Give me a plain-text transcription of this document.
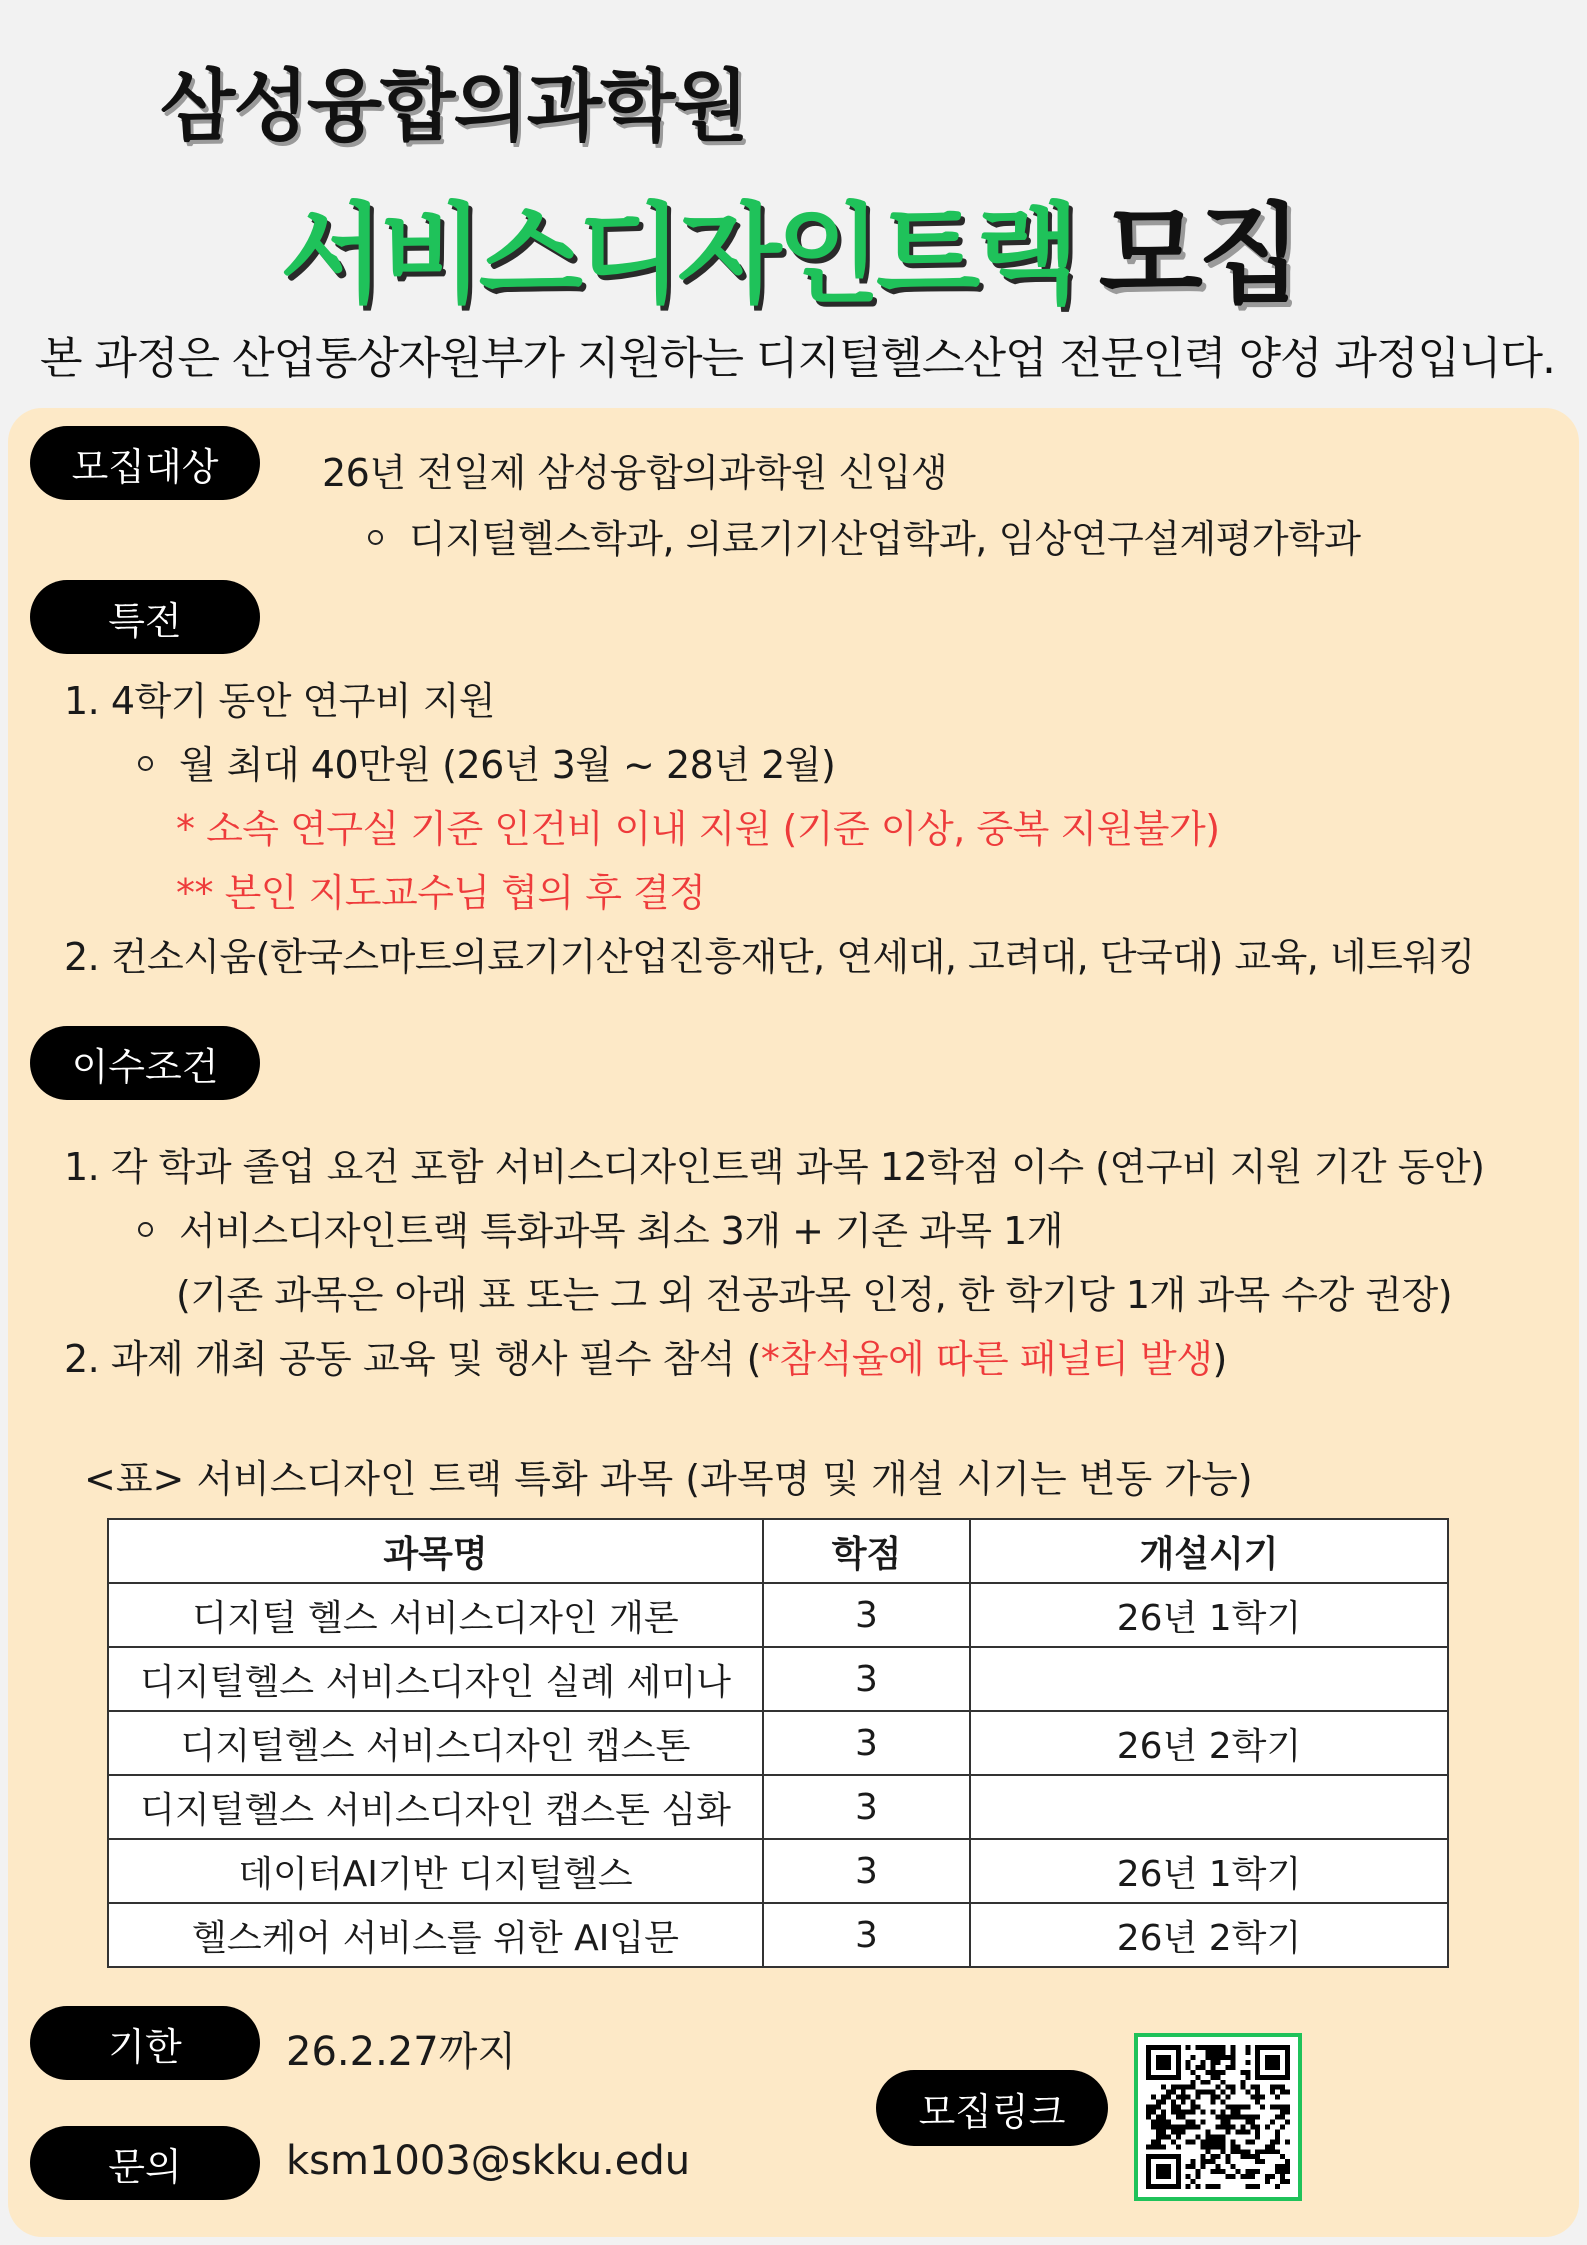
삼성융합의과학원
서비스디자인트랙 모집
본 과정은 산업통상자원부가 지원하는 디지털헬스산업 전문인력 양성 과정입니다.
모집대상	26년 전일제 삼성융합의과학원 신입생
디지털헬스학과, 의료기기산업학과, 임상연구설계평가학과
특전
1. 4학기 동안 연구비 지원
월 최대 40만원 (26년 3월 ~ 28년 2월)
* 소속 연구실 기준 인건비 이내 지원 (기준 이상, 중복 지원불가)
** 본인 지도교수님 협의 후 결정
2. 컨소시움(한국스마트의료기기산업진흥재단, 연세대, 고려대, 단국대) 교육, 네트워킹
이수조건
1. 각 학과 졸업 요건 포함 서비스디자인트랙 과목 12학점 이수 (연구비 지원 기간 동안)
서비스디자인트랙 특화과목 최소 3개 + 기존 과목 1개
(기존 과목은 아래 표 또는 그 외 전공과목 인정, 한 학기당 1개 과목 수강 권장)
2. 과제 개최 공동 교육 및 행사 필수 참석 (*참석율에 따른 패널티 발생)
<표> 서비스디자인 트랙 특화 과목 (과목명 및 개설 시기는 변동 가능)
과목명	학점	개설시기
디지털 헬스 서비스디자인 개론	3	26년 1학기
디지털헬스 서비스디자인 실례 세미나	3	
디지털헬스 서비스디자인 캡스톤	3	26년 2학기
디지털헬스 서비스디자인 캡스톤 심화	3	
데이터AI기반 디지털헬스	3	26년 1학기
헬스케어 서비스를 위한 AI입문	3	26년 2학기
기한	26.2.27까지
문의	ksm1003@skku.edu
모집링크
